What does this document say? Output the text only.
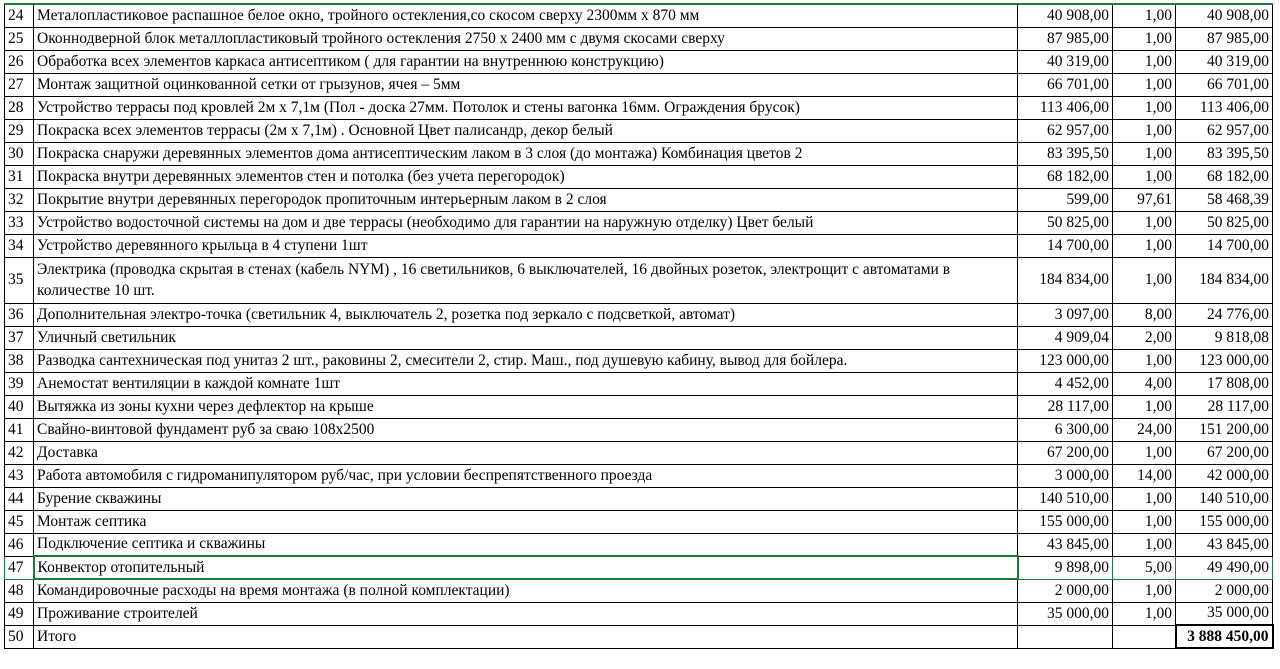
24	Металопластиковое распашное белое окно, тройного остекления,со скосом сверху 2300мм х 870 мм	40 908,00	1,00	40 908,00
25	Оконнодверной блок металлопластиковый тройного остекления 2750 х 2400 мм с двумя скосами сверху	87 985,00	1,00	87 985,00
26	Обработка всех элементов каркаса антисептиком ( для гарантии на внутреннюю конструкцию)	40 319,00	1,00	40 319,00
27	Монтаж защитной оцинкованной сетки от грызунов, ячея – 5мм	66 701,00	1,00	66 701,00
28	Устройство террасы под кровлей 2м х 7,1м (Пол - доска 27мм. Потолок и стены вагонка 16мм. Ограждения брусок)	113 406,00	1,00	113 406,00
29	Покраска всех элементов террасы (2м х 7,1м) . Основной Цвет палисандр, декор белый	62 957,00	1,00	62 957,00
30	Покраска снаружи деревянных элементов дома антисептическим лаком в 3 слоя (до монтажа) Комбинация цветов 2	83 395,50	1,00	83 395,50
31	Покраска внутри деревянных элементов стен и потолка (без учета перегородок)	68 182,00	1,00	68 182,00
32	Покрытие внутри деревянных перегородок пропиточным интерьерным лаком в 2 слоя	599,00	97,61	58 468,39
33	Устройство водосточной системы на дом и две террасы (необходимо для гарантии на наружную отделку) Цвет белый	50 825,00	1,00	50 825,00
34	Устройство деревянного крыльца в 4 ступени 1шт	14 700,00	1,00	14 700,00
35	Электрика (проводка скрытая в стенах (кабель NYM) , 16 светильников, 6 выключателей, 16 двойных розеток, электрощит с автоматами в количестве 10 шт.	184 834,00	1,00	184 834,00
36	Дополнительная электро-точка (светильник 4, выключатель 2, розетка под зеркало с подсветкой, автомат)	3 097,00	8,00	24 776,00
37	Уличный светильник	4 909,04	2,00	9 818,08
38	Разводка сантехническая под унитаз 2 шт., раковины 2, смесители 2, стир. Маш., под душевую кабину, вывод для бойлера.	123 000,00	1,00	123 000,00
39	Анемостат вентиляции в каждой комнате 1шт	4 452,00	4,00	17 808,00
40	Вытяжка из зоны кухни через дефлектор на крыше	28 117,00	1,00	28 117,00
41	Свайно-винтовой фундамент руб за сваю 108х2500	6 300,00	24,00	151 200,00
42	Доставка	67 200,00	1,00	67 200,00
43	Работа автомобиля с гидроманипулятором руб/час, при условии беспрепятственного проезда	3 000,00	14,00	42 000,00
44	Бурение скважины	140 510,00	1,00	140 510,00
45	Монтаж септика	155 000,00	1,00	155 000,00
46	Подключение септика и скважины	43 845,00	1,00	43 845,00
47	Конвектор отопительный	9 898,00	5,00	49 490,00
48	Командировочные расходы на время монтажа (в полной комплектации)	2 000,00	1,00	2 000,00
49	Проживание строителей	35 000,00	1,00	35 000,00
50	Итого			3 888 450,00
